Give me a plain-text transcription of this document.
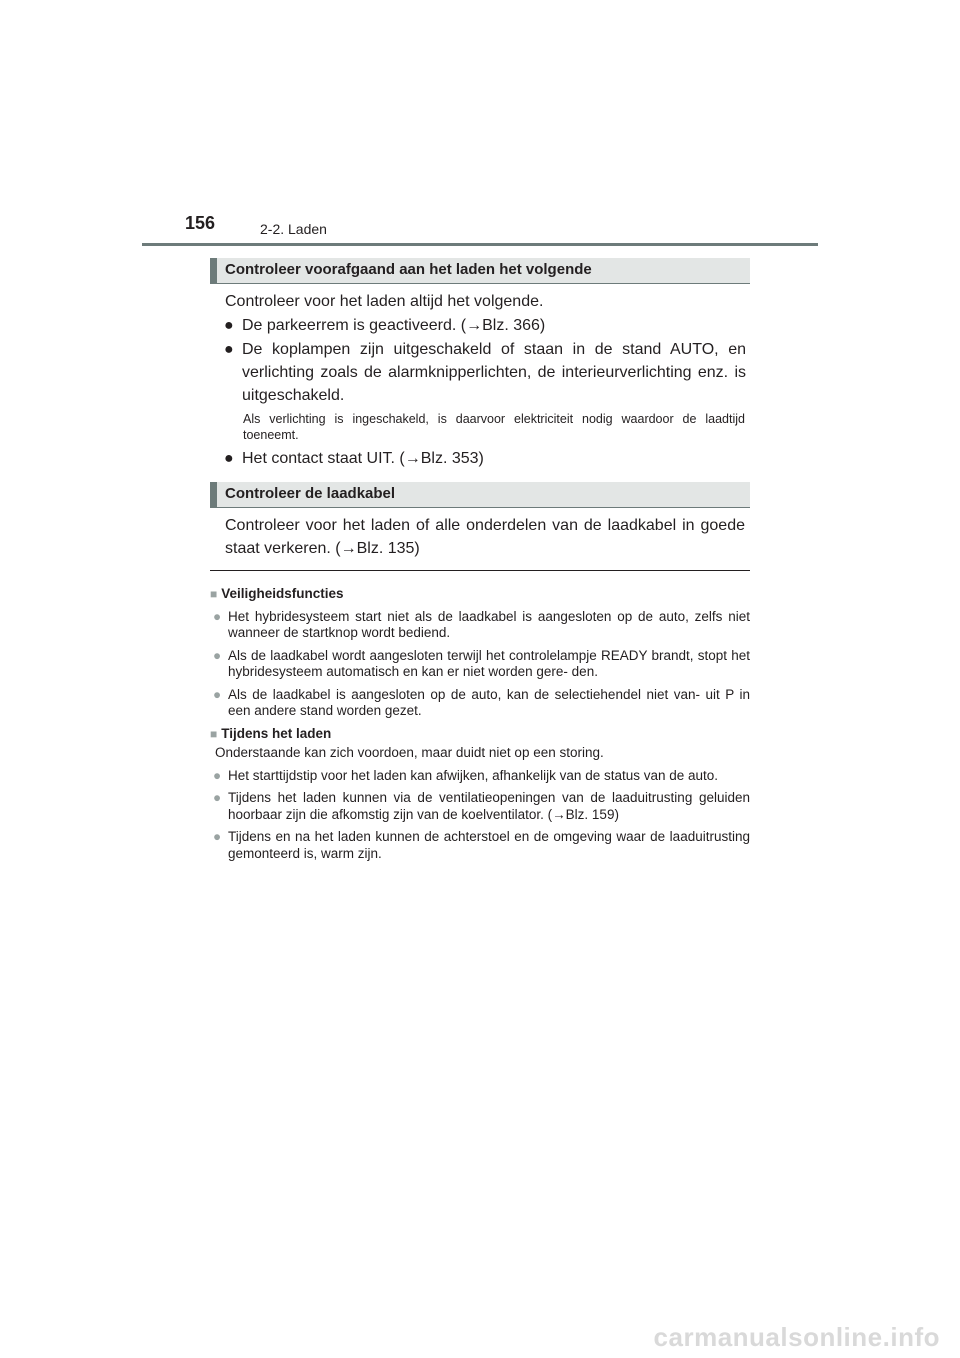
156	2-2. Laden
Controleer voorafgaand aan het laden het volgende
Controleer voor het laden altijd het volgende.
● De parkeerrem is geactiveerd. (→Blz. 366)
● De koplampen zijn uitgeschakeld of staan in de stand AUTO, en verlichting zoals de alarmknipperlichten, de interieurverlichting enz. is uitgeschakeld.
Als verlichting is ingeschakeld, is daarvoor elektriciteit nodig waardoor de laadtijd toeneemt.
● Het contact staat UIT. (→Blz. 353)
Controleer de laadkabel
Controleer voor het laden of alle onderdelen van de laadkabel in goede staat verkeren. (→Blz. 135)
■ Veiligheidsfuncties
● Het hybridesysteem start niet als de laadkabel is aangesloten op de auto, zelfs niet wanneer de startknop wordt bediend.
● Als de laadkabel wordt aangesloten terwijl het controlelampje READY brandt, stopt het hybridesysteem automatisch en kan er niet worden gere- den.
● Als de laadkabel is aangesloten op de auto, kan de selectiehendel niet van- uit P in een andere stand worden gezet.
■ Tijdens het laden
Onderstaande kan zich voordoen, maar duidt niet op een storing.
● Het starttijdstip voor het laden kan afwijken, afhankelijk van de status van de auto.
● Tijdens het laden kunnen via de ventilatieopeningen van de laaduitrusting geluiden hoorbaar zijn die afkomstig zijn van de koelventilator. (→Blz. 159)
● Tijdens en na het laden kunnen de achterstoel en de omgeving waar de laaduitrusting gemonteerd is, warm zijn.
carmanualsonline.info
